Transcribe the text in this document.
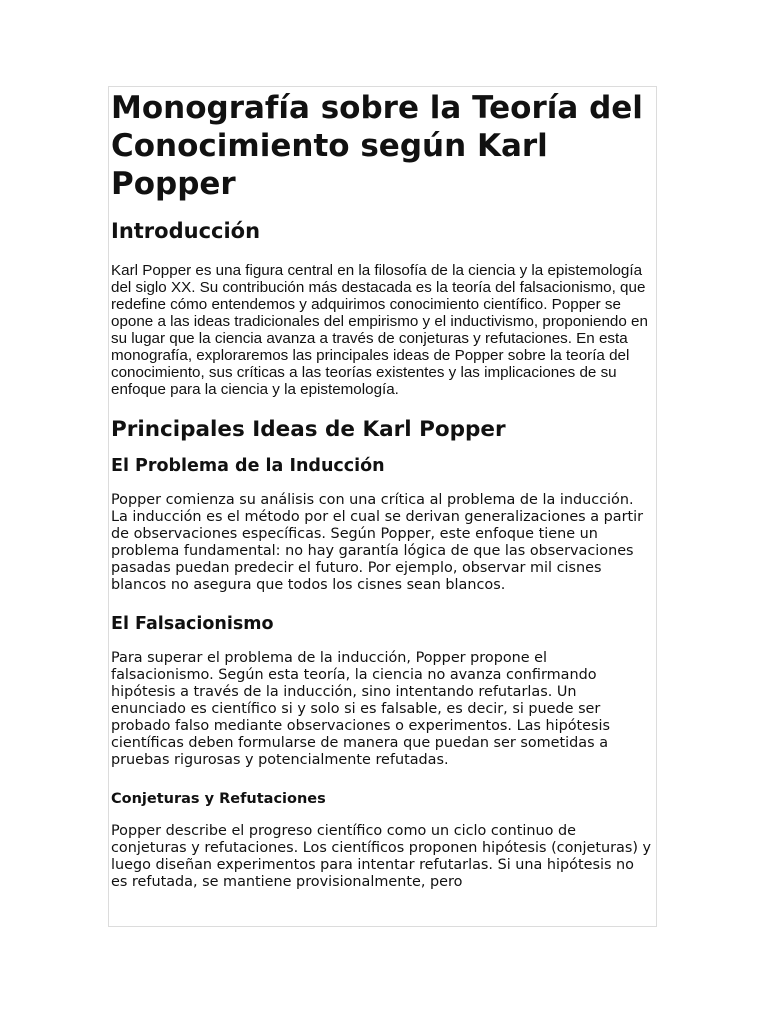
Monografía sobre la Teoría del Conocimiento según Karl Popper
Introducción

Karl Popper es una figura central en la filosofía de la ciencia y la epistemología del siglo XX. Su contribución más destacada es la teoría del falsacionismo, que redefine cómo entendemos y adquirimos conocimiento científico. Popper se opone a las ideas tradicionales del empirismo y el inductivismo, proponiendo en su lugar que la ciencia avanza a través de conjeturas y refutaciones. En esta monografía, exploraremos las principales ideas de Popper sobre la teoría del conocimiento, sus críticas a las teorías existentes y las implicaciones de su enfoque para la ciencia y la epistemología.

Principales Ideas de Karl Popper
El Problema de la Inducción

Popper comienza su análisis con una crítica al problema de la inducción. La inducción es el método por el cual se derivan generalizaciones a partir de observaciones específicas. Según Popper, este enfoque tiene un problema fundamental: no hay garantía lógica de que las observaciones pasadas puedan predecir el futuro. Por ejemplo, observar mil cisnes blancos no asegura que todos los cisnes sean blancos.

El Falsacionismo

Para superar el problema de la inducción, Popper propone el falsacionismo. Según esta teoría, la ciencia no avanza confirmando hipótesis a través de la inducción, sino intentando refutarlas. Un enunciado es científico si y solo si es falsable, es decir, si puede ser probado falso mediante observaciones o experimentos. Las hipótesis científicas deben formularse de manera que puedan ser sometidas a pruebas rigurosas y potencialmente refutadas.

Conjeturas y Refutaciones

Popper describe el progreso científico como un ciclo continuo de conjeturas y refutaciones. Los científicos proponen hipótesis (conjeturas) y luego diseñan experimentos para intentar refutarlas. Si una hipótesis no es refutada, se mantiene provisionalmente, pero
